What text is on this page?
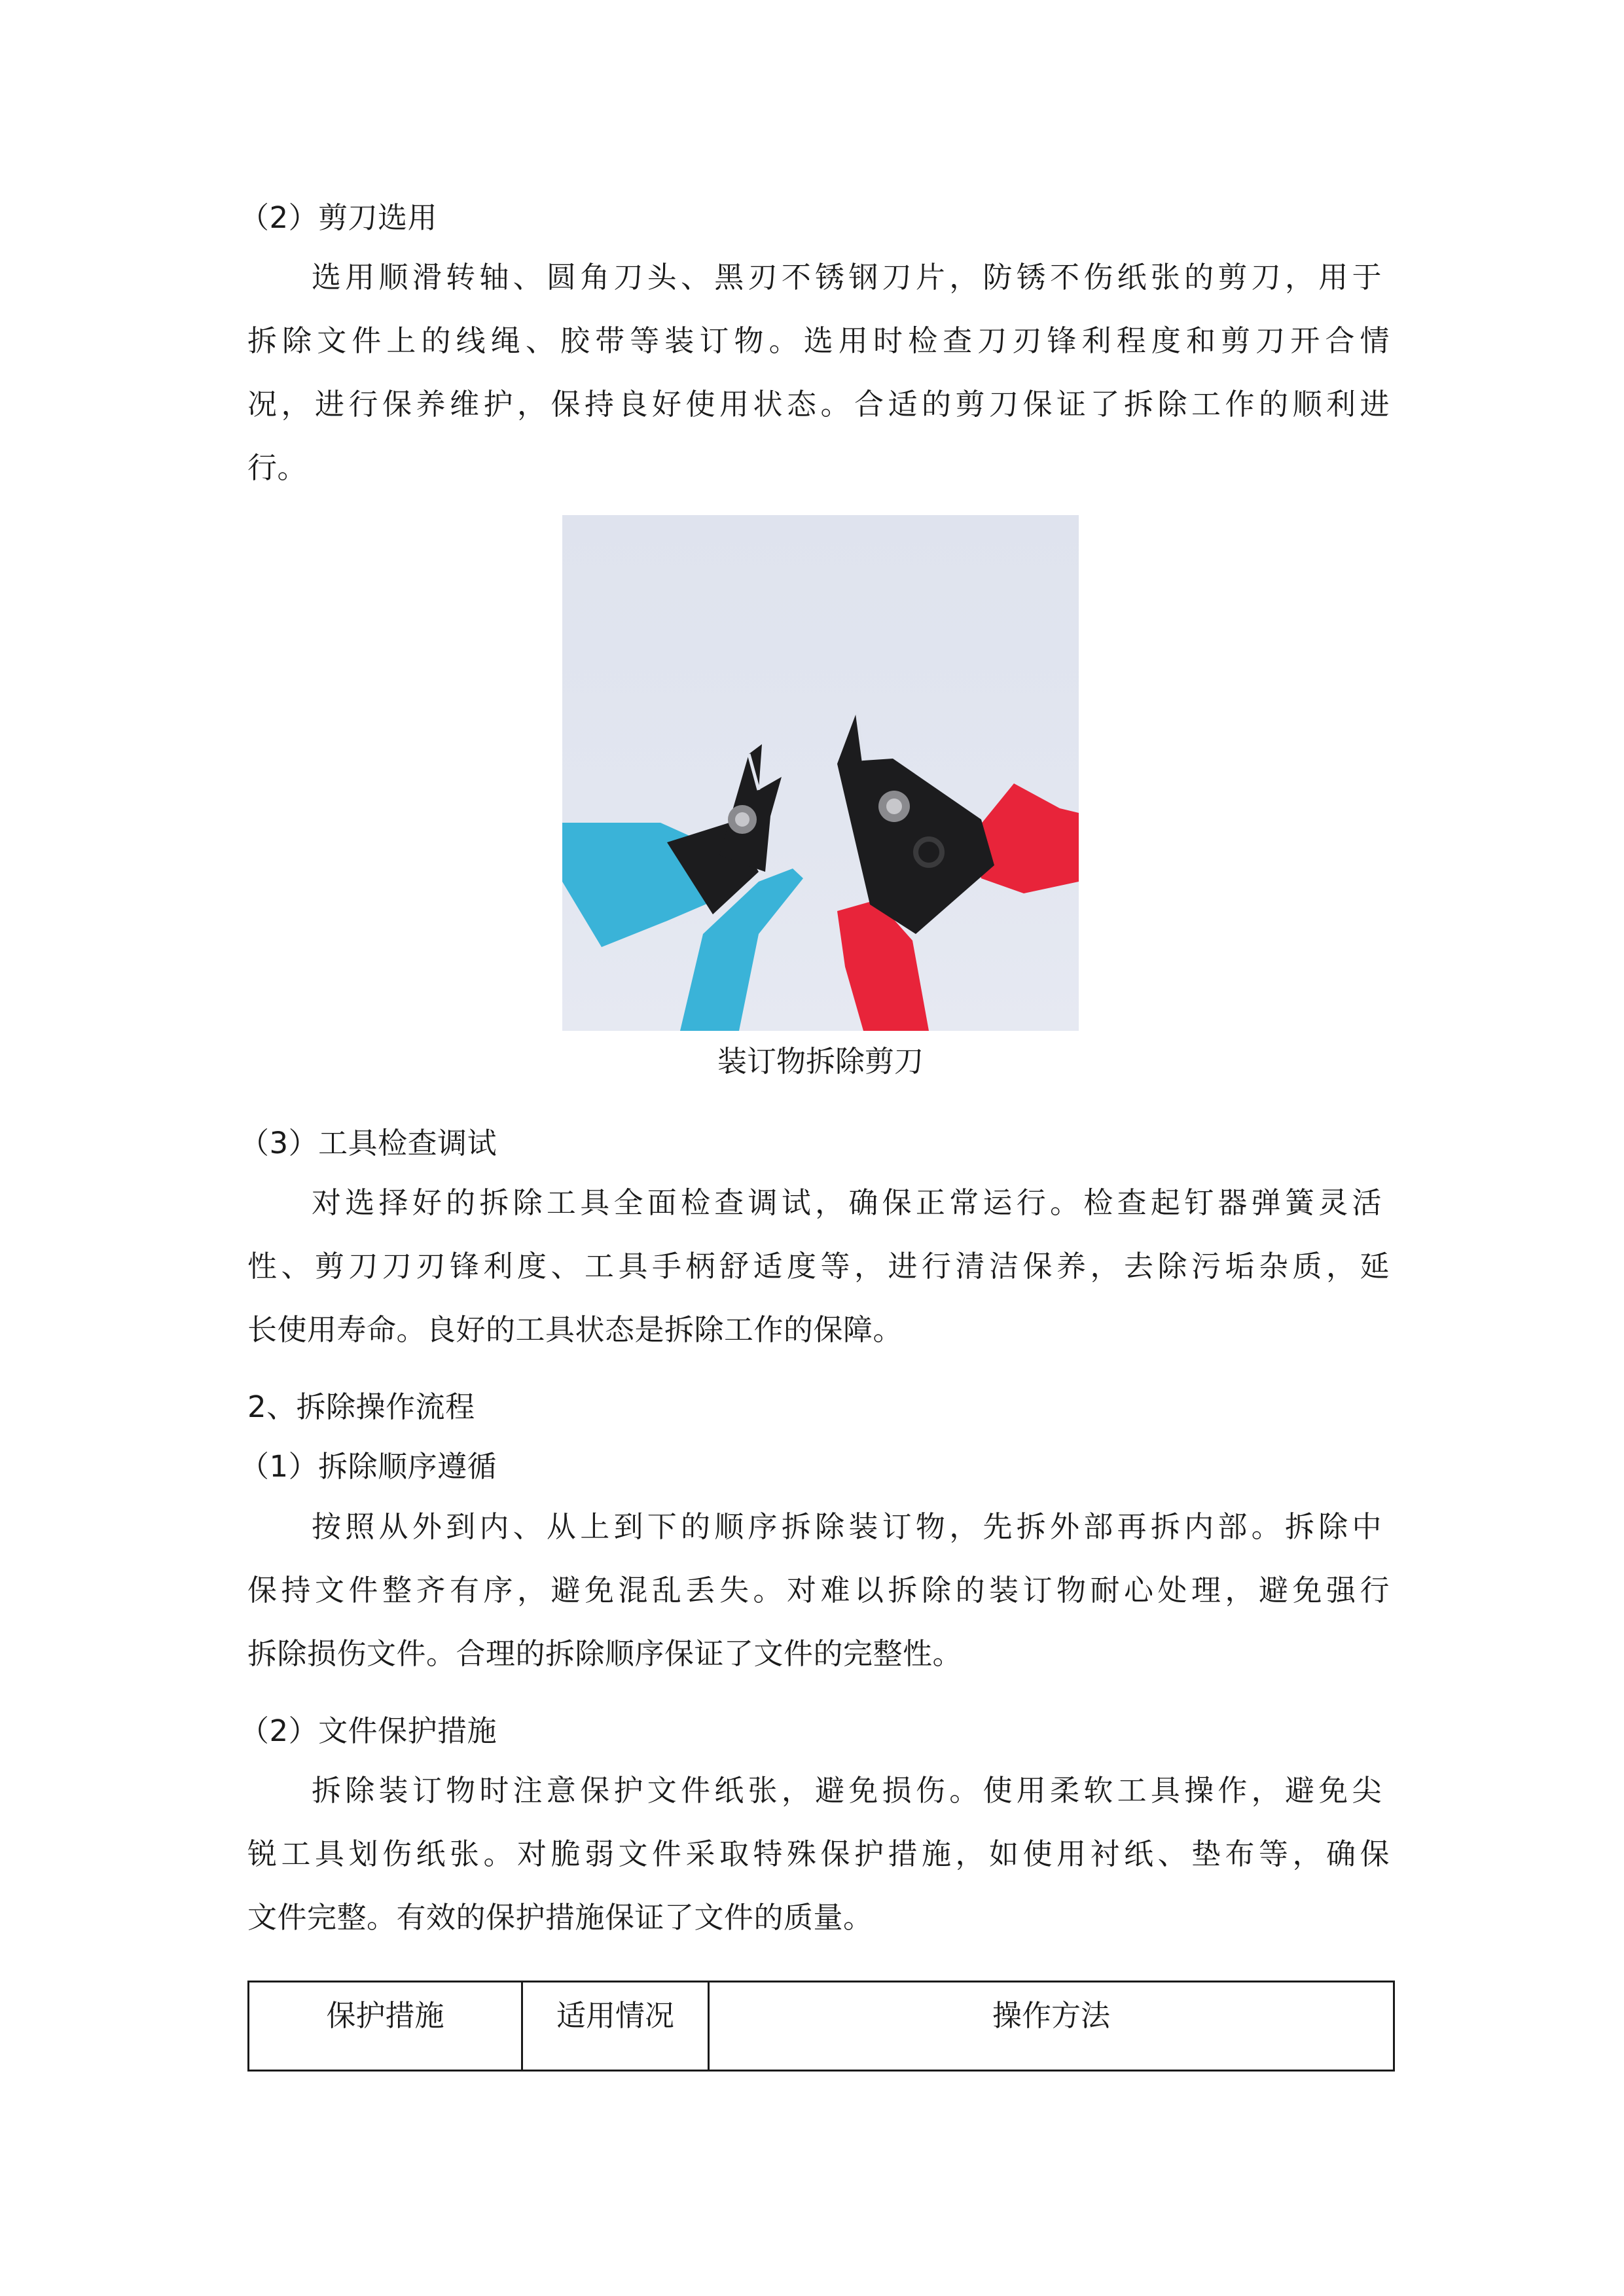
（2）剪刀选用

选用顺滑转轴、圆角刀头、黑刃不锈钢刀片，防锈不伤纸张的剪刀，用于

拆除文件上的线绳、胶带等装订物。选用时检查刀刃锋利程度和剪刀开合情

况，进行保养维护，保持良好使用状态。合适的剪刀保证了拆除工作的顺利进

行。

装订物拆除剪刀

（3）工具检查调试

对选择好的拆除工具全面检查调试，确保正常运行。检查起钉器弹簧灵活

性、剪刀刀刃锋利度、工具手柄舒适度等，进行清洁保养，去除污垢杂质，延

长使用寿命。良好的工具状态是拆除工作的保障。

2、拆除操作流程

（1）拆除顺序遵循

按照从外到内、从上到下的顺序拆除装订物，先拆外部再拆内部。拆除中

保持文件整齐有序，避免混乱丢失。对难以拆除的装订物耐心处理，避免强行

拆除损伤文件。合理的拆除顺序保证了文件的完整性。

（2）文件保护措施

拆除装订物时注意保护文件纸张，避免损伤。使用柔软工具操作，避免尖

锐工具划伤纸张。对脆弱文件采取特殊保护措施，如使用衬纸、垫布等，确保

文件完整。有效的保护措施保证了文件的质量。

保护措施	适用情况	操作方法
